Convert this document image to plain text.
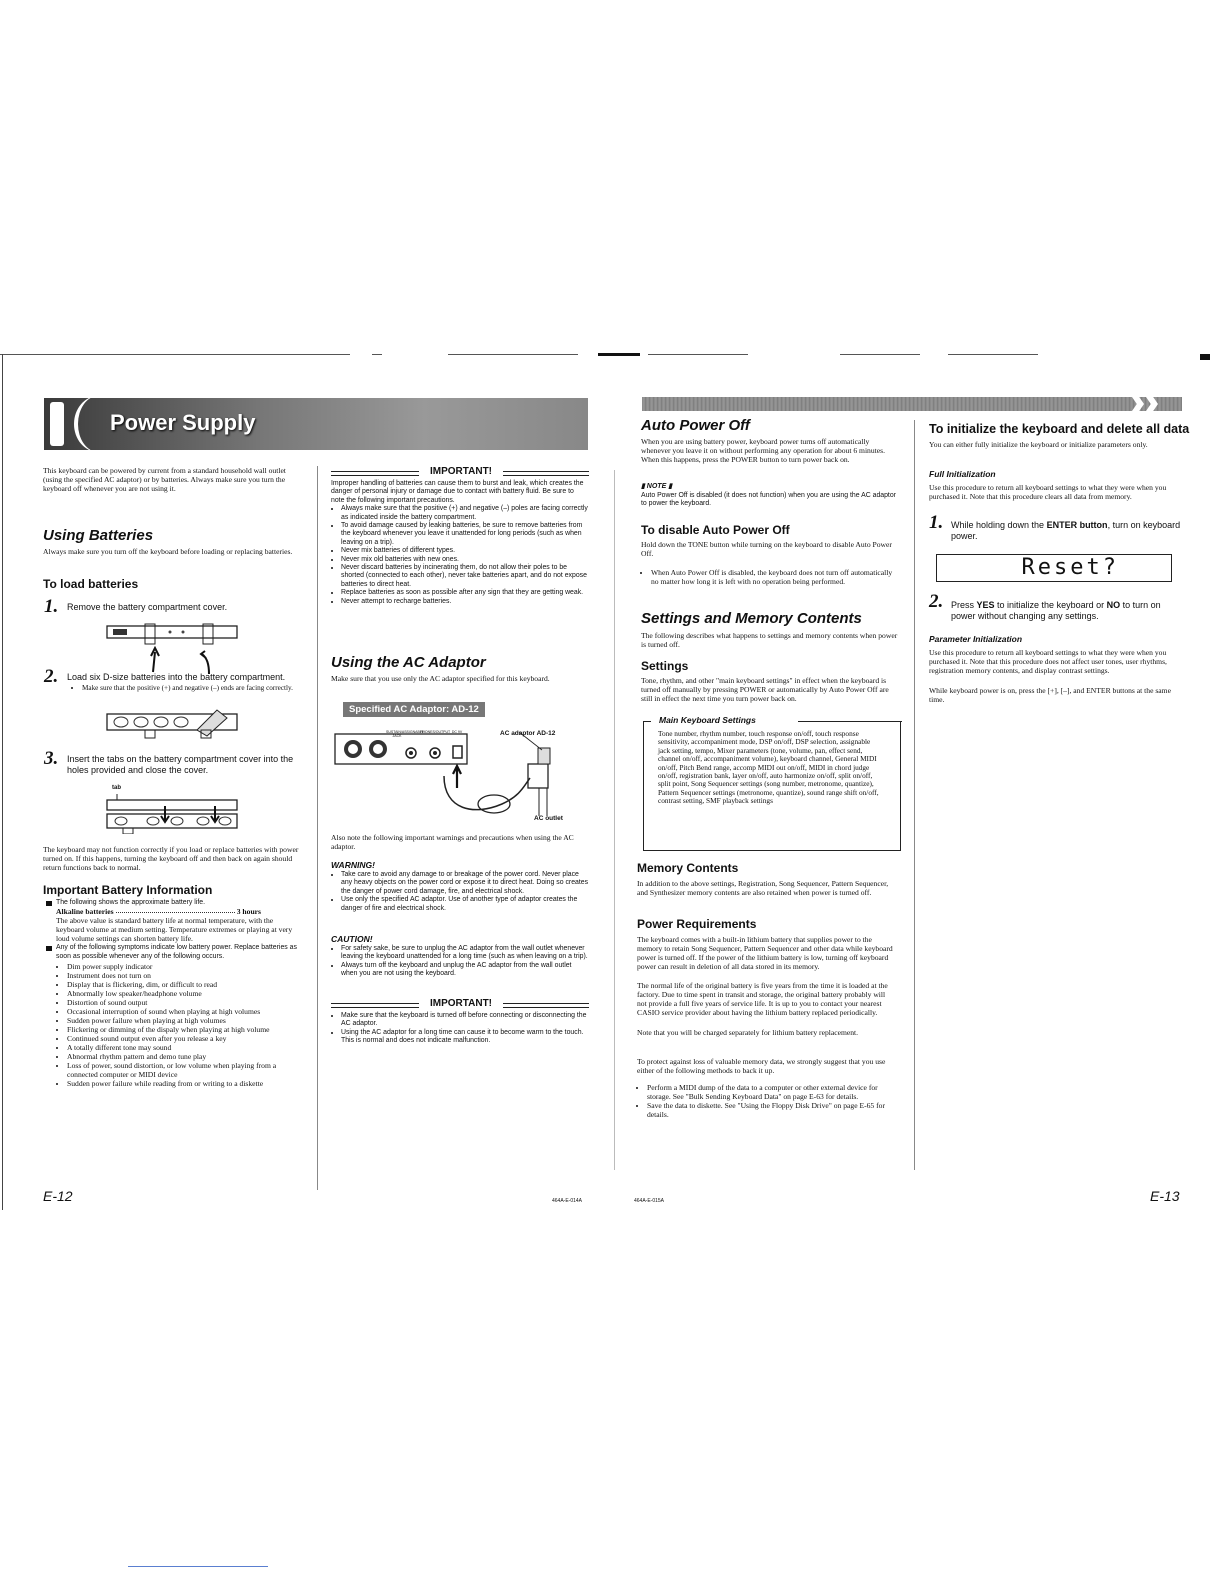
Power Supply
This keyboard can be powered by current from a standard household wall outlet (using the specified AC adaptor) or by batteries. Always make sure you turn the keyboard off whenever you are not using it.
Using Batteries
Always make sure you turn off the keyboard before loading or replacing batteries.
To load batteries
1. Remove the battery compartment cover.
2. Load six D-size batteries into the battery compartment.
• Make sure that the positive (+) and negative (–) ends are facing correctly.
3. Insert the tabs on the battery compartment cover into the holes provided and close the cover.
tab
The keyboard may not function correctly if you load or replace batteries with power turned on. If this happens, turning the keyboard off and then back on again should return functions back to normal.
Important Battery Information
The following shows the approximate battery life.
Alkaline batteries	3 hours
The above value is standard battery life at normal temperature, with the keyboard volume at medium setting. Temperature extremes or playing at very loud volume settings can shorten battery life.
Any of the following symptoms indicate low battery power. Replace batteries as soon as possible whenever any of the following occurs.
• Dim power supply indicator
• Instrument does not turn on
• Display that is flickering, dim, or difficult to read
• Abnormally low speaker/headphone volume
• Distortion of sound output
• Occasional interruption of sound when playing at high volumes
• Sudden power failure when playing at high volumes
• Flickering or dimming of the dispaly when playing at high volume
• Continued sound output even after you release a key
• A totally different tone may sound
• Abnormal rhythm pattern and demo tune play
• Loss of power, sound distortion, or low volume when playing from a connected computer or MIDI device
• Sudden power failure while reading from or writing to a diskette
IMPORTANT!
Improper handling of batteries can cause them to burst and leak, which creates the danger of personal injury or damage due to contact with battery fluid. Be sure to note the following important precautions.
• Always make sure that the positive (+) and negative (–) poles are facing correctly as indicated inside the battery compartment.
• To avoid damage caused by leaking batteries, be sure to remove batteries from the keyboard whenever you leave it unattended for long periods (such as when leaving on a trip).
• Never mix batteries of different types.
• Never mix old batteries with new ones.
• Never discard batteries by incinerating them, do not allow their poles to be shorted (connected to each other), never take batteries apart, and do not expose batteries to direct heat.
• Replace batteries as soon as possible after any sign that they are getting weak.
• Never attempt to recharge batteries.
Using the AC Adaptor
Make sure that you use only the AC adaptor specified for this keyboard.
Specified AC Adaptor: AD-12
SUSTAIN/ASSIGNABLE JACK
PHONES/OUTPUT DC 9V	AC adaptor AD-12
AC outlet
Also note the following important warnings and precautions when using the AC adaptor.
WARNING!
• Take care to avoid any damage to or breakage of the power cord. Never place any heavy objects on the power cord or expose it to direct heat. Doing so creates the danger of power cord damage, fire, and electrical shock.
• Use only the specified AC adaptor. Use of another type of adaptor creates the danger of fire and electrical shock.
CAUTION!
• For safety sake, be sure to unplug the AC adaptor from the wall outlet whenever leaving the keyboard unattended for a long time (such as when leaving on a trip).
• Always turn off the keyboard and unplug the AC adaptor from the wall outlet when you are not using the keyboard.
IMPORTANT!
• Make sure that the keyboard is turned off before connecting or disconnecting the AC adaptor.
• Using the AC adaptor for a long time can cause it to become warm to the touch. This is normal and does not indicate malfunction.
E-12	464A-E-014A
Auto Power Off
When you are using battery power, keyboard power turns off automatically whenever you leave it on without performing any operation for about 6 minutes. When this happens, press the POWER button to turn power back on.
▮ NOTE ▮
Auto Power Off is disabled (it does not function) when you are using the AC adaptor to power the keyboard.
To disable Auto Power Off
Hold down the TONE button while turning on the keyboard to disable Auto Power Off.
• When Auto Power Off is disabled, the keyboard does not turn off automatically no matter how long it is left with no operation being performed.
Settings and Memory Contents
The following describes what happens to settings and memory contents when power is turned off.
Settings
Tone, rhythm, and other "main keyboard settings" in effect when the keyboard is turned off manually by pressing POWER or automatically by Auto Power Off are still in effect the next time you turn power back on.
Main Keyboard Settings
Tone number, rhythm number, touch response on/off, touch response sensitivity, accompaniment mode, DSP on/off, DSP selection, assignable jack setting, tempo, Mixer parameters (tone, volume, pan, effect send, channel on/off, accompaniment volume), keyboard channel, General MIDI on/off, Pitch Bend range, accomp MIDI out on/off, MIDI in chord judge on/off, registration bank, layer on/off, auto harmonize on/off, split on/off, split point, Song Sequencer settings (song number, metronome, quantize), Pattern Sequencer settings (metronome, quantize), sound range shift on/off, contrast setting, SMF playback settings
Memory Contents
In addition to the above settings, Registration, Song Sequencer, Pattern Sequencer, and Synthesizer memory contents are also retained when power is turned off.
Power Requirements
The keyboard comes with a built-in lithium battery that supplies power to the memory to retain Song Sequencer, Pattern Sequencer and other data while keyboard power is turned off. If the power of the lithium battery is low, turning off keyboard power can result in deletion of all data stored in its memory.
The normal life of the original battery is five years from the time it is loaded at the factory. Due to time spent in transit and storage, the original battery probably will not provide a full five years of service life. It is up to you to contact your nearest CASIO service provider about having the lithium battery replaced periodically.
Note that you will be charged separately for lithium battery replacement.
To protect against loss of valuable memory data, we strongly suggest that you use either of the following methods to back it up.
• Perform a MIDI dump of the data to a computer or other external device for storage. See "Bulk Sending Keyboard Data" on page E-63 for details.
• Save the data to diskette. See "Using the Floppy Disk Drive" on page E-65 for details.
To initialize the keyboard and delete all data
You can either fully initialize the keyboard or initialize parameters only.
Full Initialization
Use this procedure to return all keyboard settings to what they were when you purchased it. Note that this procedure clears all data from memory.
1. While holding down the ENTER button, turn on keyboard power.
Reset?
2. Press YES to initialize the keyboard or NO to turn on power without changing any settings.
Parameter Initialization
Use this procedure to return all keyboard settings to what they were when you purchased it. Note that this procedure does not affect user tones, user rhythms, registration memory contents, and display contrast settings.
While keyboard power is on, press the [+], [–], and ENTER buttons at the same time.
464A-E-015A	E-13
